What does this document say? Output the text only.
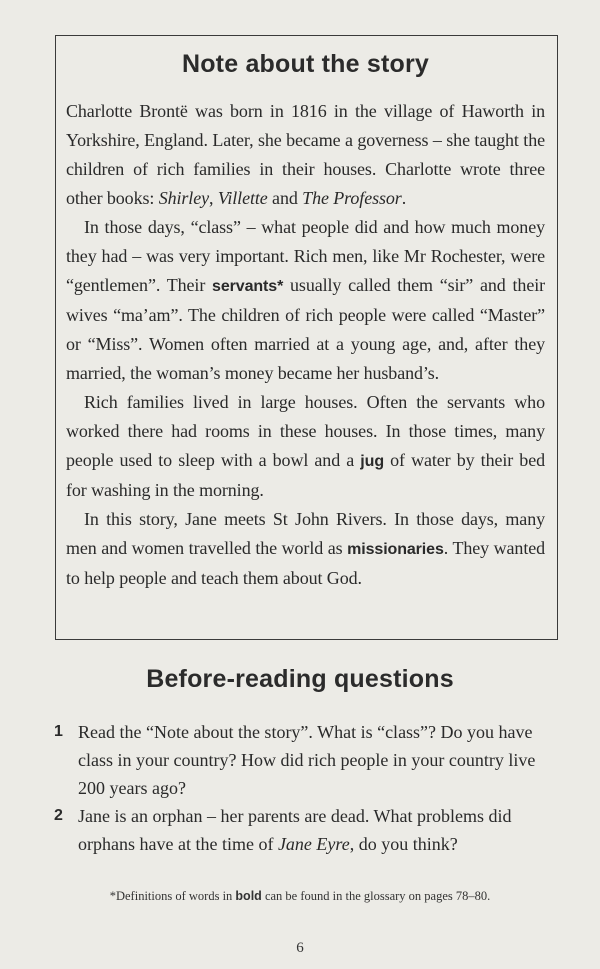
Note about the story

Charlotte Brontë was born in 1816 in the village of Haworth in Yorkshire, England. Later, she became a governess – she taught the children of rich families in their houses. Charlotte wrote three other books: Shirley, Villette and The Professor.

In those days, “class” – what people did and how much money they had – was very important. Rich men, like Mr Rochester, were “gentlemen”. Their servants* usually called them “sir” and their wives “ma’am”. The children of rich people were called “Master” or “Miss”. Women often married at a young age, and, after they married, the woman’s money became her husband’s.

Rich families lived in large houses. Often the servants who worked there had rooms in these houses. In those times, many people used to sleep with a bowl and a jug of water by their bed for washing in the morning.

In this story, Jane meets St John Rivers. In those days, many men and women travelled the world as missionaries. They wanted to help people and teach them about God.

Before-reading questions
1 Read the “Note about the story”. What is “class”? Do you have class in your country? How did rich people in your country live 200 years ago?
2 Jane is an orphan – her parents are dead. What problems did orphans have at the time of Jane Eyre, do you think?
*Definitions of words in bold can be found in the glossary on pages 78–80.
6
